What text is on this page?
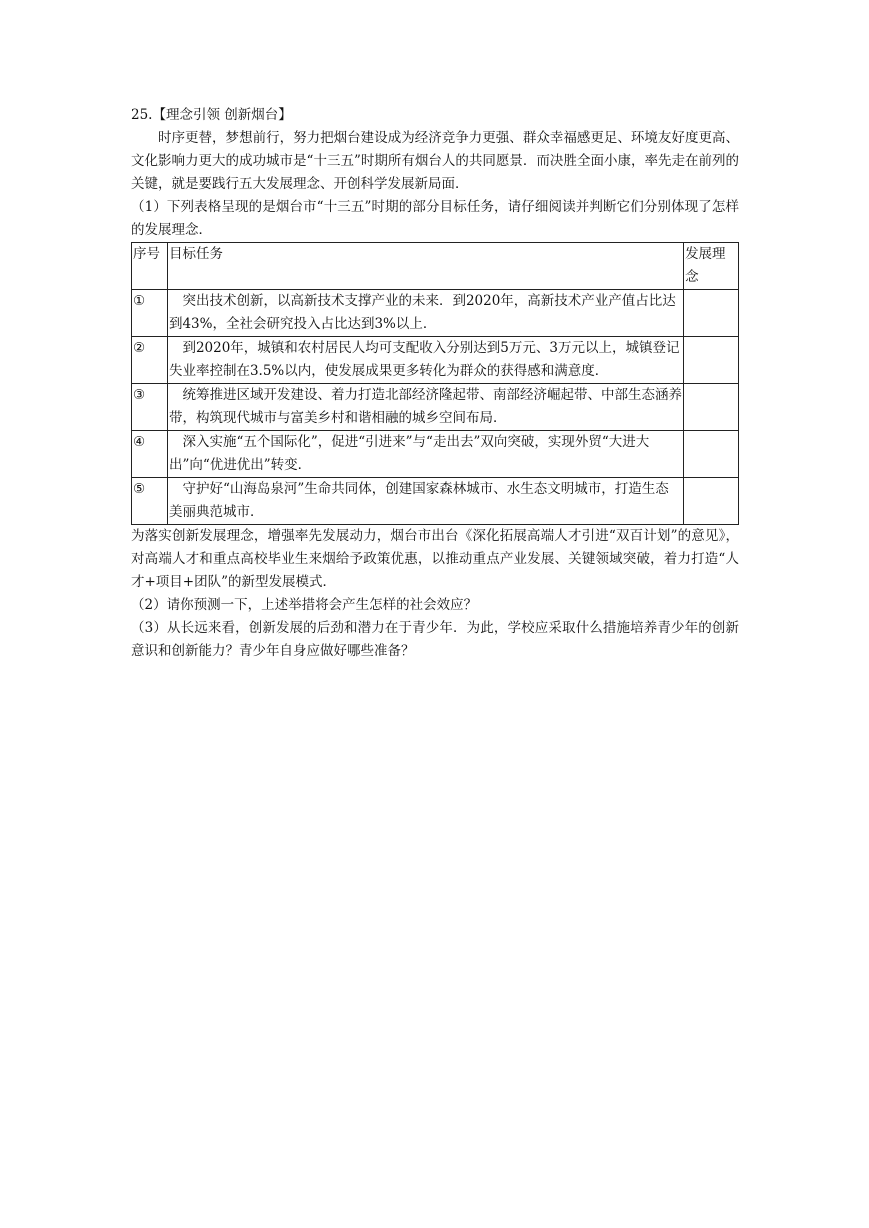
25.【理念引领 创新烟台】

时序更替，梦想前行，努力把烟台建设成为经济竞争力更强、群众幸福感更足、环境友好度更高、文化影响力更大的成功城市是“十三五”时期所有烟台人的共同愿景．而决胜全面小康，率先走在前列的关键，就是要践行五大发展理念、开创科学发展新局面．

（1）下列表格呈现的是烟台市“十三五”时期的部分目标任务，请仔细阅读并判断它们分别体现了怎样的发展理念．

序号	目标任务	发展理念
①	突出技术创新，以高新技术支撑产业的未来．到2020年，高新技术产业产值占比达到43%，全社会研究投入占比达到3%以上．	
②	到2020年，城镇和农村居民人均可支配收入分别达到5万元、3万元以上，城镇登记失业率控制在3.5%以内，使发展成果更多转化为群众的获得感和满意度．	
③	统筹推进区域开发建设、着力打造北部经济隆起带、南部经济崛起带、中部生态涵养带，构筑现代城市与富美乡村和谐相融的城乡空间布局．	
④	深入实施“五个国际化”，促进“引进来”与“走出去”双向突破，实现外贸“大进大出”向“优进优出”转变．	
⑤	守护好“山海岛泉河”生命共同体，创建国家森林城市、水生态文明城市，打造生态美丽典范城市．	

为落实创新发展理念，增强率先发展动力，烟台市出台《深化拓展高端人才引进“双百计划”的意见》，对高端人才和重点高校毕业生来烟给予政策优惠，以推动重点产业发展、关键领域突破，着力打造“人才+项目+团队”的新型发展模式．

（2）请你预测一下，上述举措将会产生怎样的社会效应？

（3）从长远来看，创新发展的后劲和潜力在于青少年．为此，学校应采取什么措施培养青少年的创新意识和创新能力？青少年自身应做好哪些准备？
